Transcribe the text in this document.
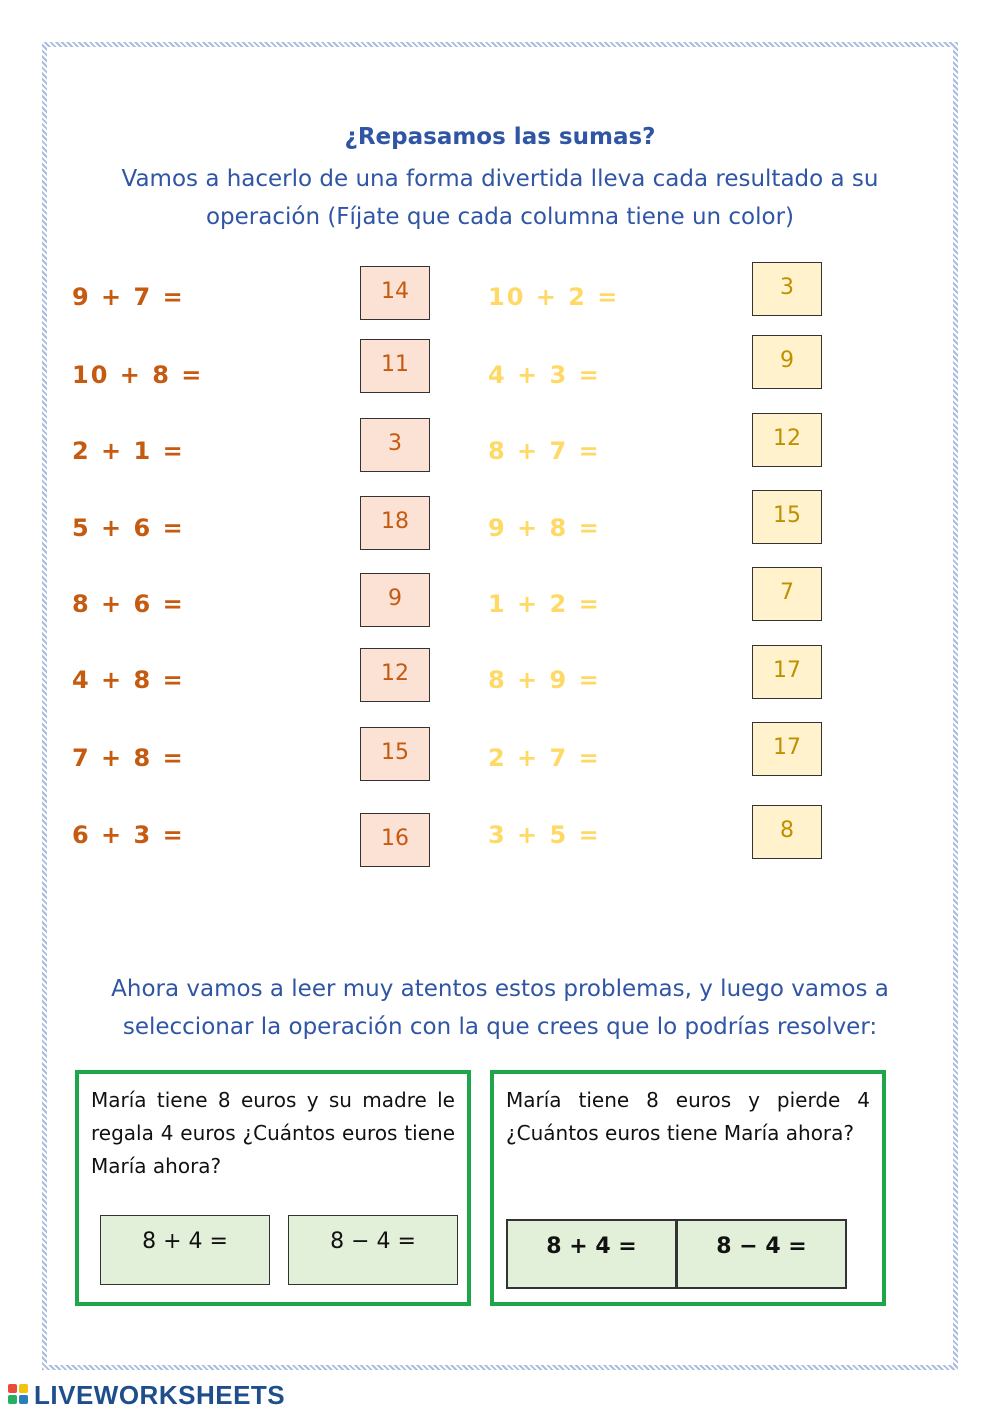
¿Repasamos las sumas?
Vamos a hacerlo de una forma divertida lleva cada resultado a su operación (Fíjate que cada columna tiene un color)
9 + 7 =
10 + 8 =
2 + 1 =
5 + 6 =
8 + 6 =
4 + 8 =
7 + 8 =
6 + 3 =
14
11
3
18
9
12
15
16
10 + 2 =
4 + 3 =
8 + 7 =
9 + 8 =
1 + 2 =
8 + 9 =
2 + 7 =
3 + 5 =
3
9
12
15
7
17
17
8
Ahora vamos a leer muy atentos estos problemas, y luego vamos a seleccionar la operación con la que crees que lo podrías resolver:
María tiene 8 euros y su madre le regala 4 euros ¿Cuántos euros tiene María ahora?
8 + 4 =	8 − 4 =
María tiene 8 euros y pierde 4 ¿Cuántos euros tiene María ahora?
8 + 4 =	8 − 4 =
LIVEWORKSHEETS
